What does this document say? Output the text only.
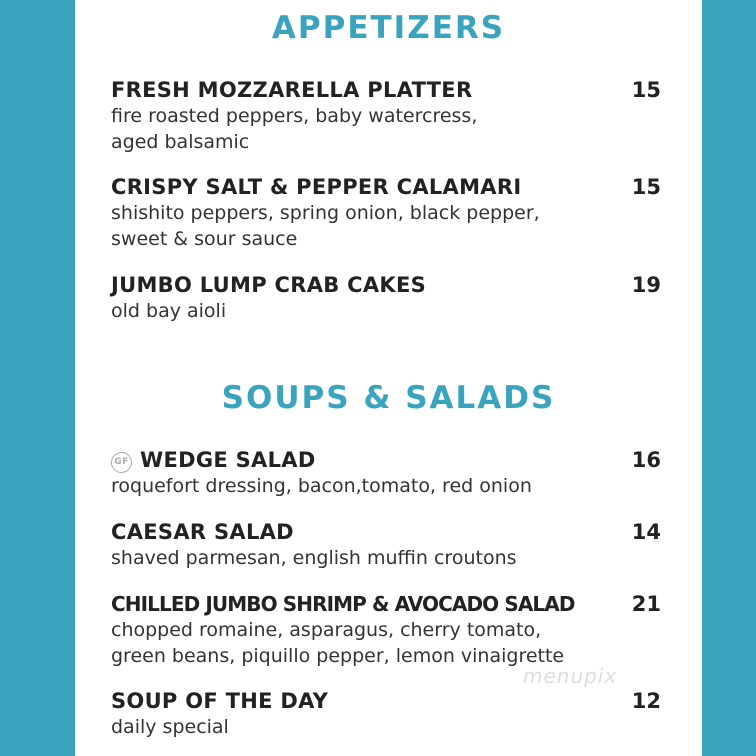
APPETIZERS
FRESH MOZZARELLA PLATTER	15
fire roasted peppers, baby watercress,
aged balsamic
CRISPY SALT & PEPPER CALAMARI	15
shishito peppers, spring onion, black pepper,
sweet & sour sauce
JUMBO LUMP CRAB CAKES	19
old bay aioli
SOUPS & SALADS
GF WEDGE SALAD	16
roquefort dressing, bacon,tomato, red onion
CAESAR SALAD	14
shaved parmesan, english muffin croutons
CHILLED JUMBO SHRIMP & AVOCADO SALAD	21
chopped romaine, asparagus, cherry tomato,
green beans, piquillo pepper, lemon vinaigrette
SOUP OF THE DAY	12
daily special
menupix
